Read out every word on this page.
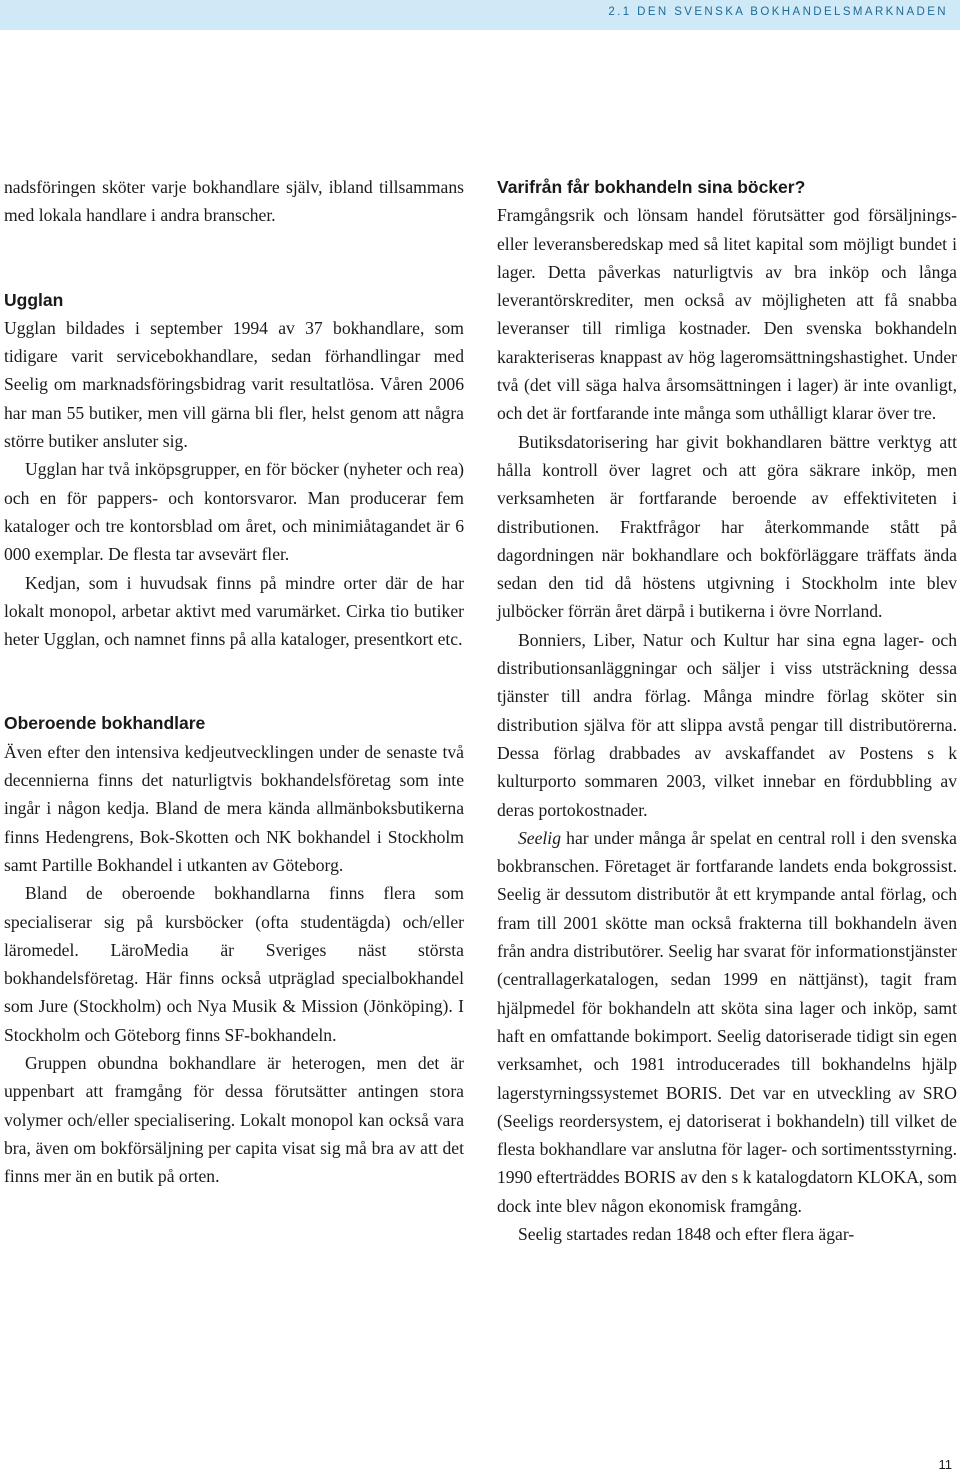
2.1 DEN SVENSKA BOKHANDELSMARKNADEN

nadsföringen sköter varje bokhandlare själv, ibland tillsammans med lokala handlare i andra branscher.

Ugglan

Ugglan bildades i september 1994 av 37 bokhandlare, som tidigare varit servicebokhandlare, sedan förhandlingar med Seelig om marknadsföringsbidrag varit resultatlösa. Våren 2006 har man 55 butiker, men vill gärna bli fler, helst genom att några större butiker ansluter sig.

Ugglan har två inköpsgrupper, en för böcker (nyheter och rea) och en för pappers- och kontorsvaror. Man producerar fem kataloger och tre kontorsblad om året, och minimiåtagandet är 6 000 exemplar. De flesta tar avsevärt fler.

Kedjan, som i huvudsak finns på mindre orter där de har lokalt monopol, arbetar aktivt med varumärket. Cirka tio butiker heter Ugglan, och namnet finns på alla kataloger, presentkort etc.

Oberoende bokhandlare

Även efter den intensiva kedjeutvecklingen under de senaste två decennierna finns det naturligtvis bokhandelsföretag som inte ingår i någon kedja. Bland de mera kända allmänboksbutikerna finns Hedengrens, Bok-Skotten och NK bokhandel i Stockholm samt Partille Bokhandel i utkanten av Göteborg.

Bland de oberoende bokhandlarna finns flera som specialiserar sig på kursböcker (ofta studentägda) och/eller läromedel. LäroMedia är Sveriges näst största bokhandelsföretag. Här finns också utpräglad specialbokhandel som Jure (Stockholm) och Nya Musik & Mission (Jönköping). I Stockholm och Göteborg finns SF-bokhandeln.

Gruppen obundna bokhandlare är heterogen, men det är uppenbart att framgång för dessa förutsätter antingen stora volymer och/eller specialisering. Lokalt monopol kan också vara bra, även om bokförsäljning per capita visat sig må bra av att det finns mer än en butik på orten.

Varifrån får bokhandeln sina böcker?

Framgångsrik och lönsam handel förutsätter god försäljnings- eller leveransberedskap med så litet kapital som möjligt bundet i lager. Detta påverkas naturligtvis av bra inköp och långa leverantörskrediter, men också av möjligheten att få snabba leveranser till rimliga kostnader. Den svenska bokhandeln karakteriseras knappast av hög lageromsättningshastighet. Under två (det vill säga halva årsomsättningen i lager) är inte ovanligt, och det är fortfarande inte många som uthålligt klarar över tre.

Butiksdatorisering har givit bokhandlaren bättre verktyg att hålla kontroll över lagret och att göra säkrare inköp, men verksamheten är fortfarande beroende av effektiviteten i distributionen. Fraktfrågor har återkommande stått på dagordningen när bokhandlare och bokförläggare träffats ända sedan den tid då höstens utgivning i Stockholm inte blev julböcker förrän året därpå i butikerna i övre Norrland.

Bonniers, Liber, Natur och Kultur har sina egna lager- och distributionsanläggningar och säljer i viss utsträckning dessa tjänster till andra förlag. Många mindre förlag sköter sin distribution själva för att slippa avstå pengar till distributörerna. Dessa förlag drabbades av avskaffandet av Postens s k kulturporto sommaren 2003, vilket innebar en fördubbling av deras portokostnader.

Seelig har under många år spelat en central roll i den svenska bokbranschen. Företaget är fortfarande landets enda bokgrossist. Seelig är dessutom distributör åt ett krympande antal förlag, och fram till 2001 skötte man också frakterna till bokhandeln även från andra distributörer. Seelig har svarat för informationstjänster (centrallagerkatalogen, sedan 1999 en nättjänst), tagit fram hjälpmedel för bokhandeln att sköta sina lager och inköp, samt haft en omfattande bokimport. Seelig datoriserade tidigt sin egen verksamhet, och 1981 introducerades till bokhandelns hjälp lagerstyrningssystemet BORIS. Det var en utveckling av SRO (Seeligs reordersystem, ej datoriserat i bokhandeln) till vilket de flesta bokhandlare var anslutna för lager- och sortimentsstyrning. 1990 efterträddes BORIS av den s k katalogdatorn KLOKA, som dock inte blev någon ekonomisk framgång.

Seelig startades redan 1848 och efter flera ägar-

11
